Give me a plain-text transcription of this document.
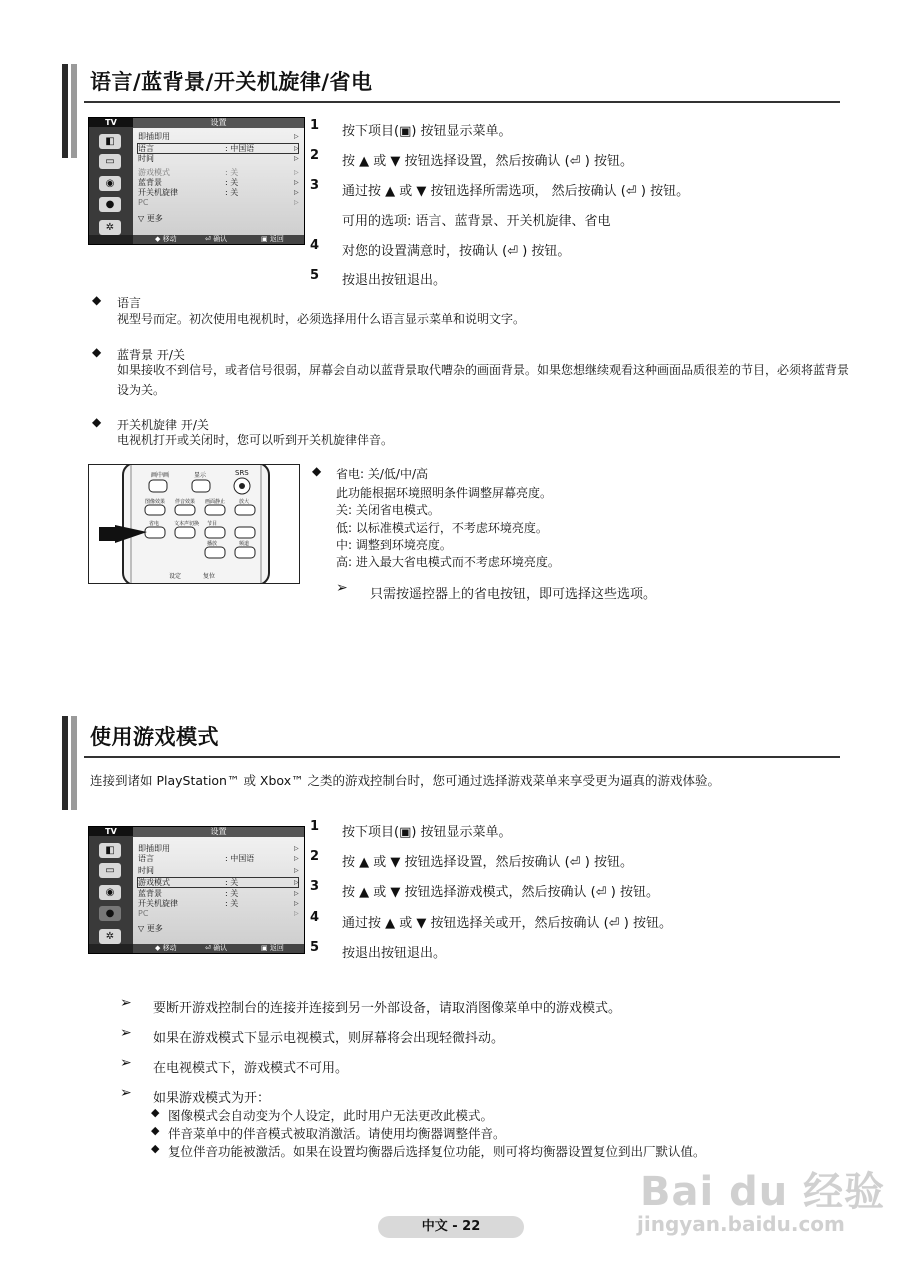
语言/蓝背景/开关机旋律/省电
TV
◧
▭
◉
●
✲
设置
即插即用	▷
语言	: 中国语	▷
时间	▷
游戏模式	: 关	▷
蓝背景	: 关	▷
开关机旋律	: 关	▷
PC	▷
▽ 更多
◆ 移动	⏎ 确认	▣ 返回
1 按下项目(▣) 按钮显示菜单。
2 按 ▲ 或 ▼ 按钮选择设置，然后按确认 (⏎ ) 按钮。
3 通过按 ▲ 或 ▼ 按钮选择所需选项， 然后按确认 (⏎ ) 按钮。
可用的选项: 语言、蓝背景、开关机旋律、省电
4 对您的设置满意时，按确认 (⏎ ) 按钮。
5 按退出按钮退出。
◆ 语言
视型号而定。初次使用电视机时，必须选择用什么语言显示菜单和说明文字。
◆ 蓝背景 开/关
如果接收不到信号，或者信号很弱，屏幕会自动以蓝背景取代嘈杂的画面背景。如果您想继续观看这种画面品质很差的节目，必须将蓝背景设为关。
◆ 开关机旋律 开/关
电视机打开或关闭时，您可以听到开关机旋律伴音。
画中画	显示	SRS
图像效果 伴音效果 画面静止	放大
省电	文本声切换 节目
播放	频道
设定	复位
◆ 省电: 关/低/中/高
此功能根据环境照明条件调整屏幕亮度。
关: 关闭省电模式。
低: 以标准模式运行，不考虑环境亮度。
中: 调整到环境亮度。
高: 进入最大省电模式而不考虑环境亮度。
➢ 只需按遥控器上的省电按钮，即可选择这些选项。
使用游戏模式
连接到诸如 PlayStation™ 或 Xbox™ 之类的游戏控制台时，您可通过选择游戏菜单来享受更为逼真的游戏体验。
TV
◧
▭
◉
●
✲
设置
即插即用	▷
语言	: 中国语	▷
时间	▷
游戏模式	: 关	▷
蓝背景	: 关	▷
开关机旋律	: 关	▷
PC	▷
▽ 更多
◆ 移动	⏎ 确认	▣ 返回
1 按下项目(▣) 按钮显示菜单。
2 按 ▲ 或 ▼ 按钮选择设置，然后按确认 (⏎ ) 按钮。
3 按 ▲ 或 ▼ 按钮选择游戏模式，然后按确认 (⏎ ) 按钮。
4 通过按 ▲ 或 ▼ 按钮选择关或开，然后按确认 (⏎ ) 按钮。
5 按退出按钮退出。
➢ 要断开游戏控制台的连接并连接到另一外部设备，请取消图像菜单中的游戏模式。
➢ 如果在游戏模式下显示电视模式，则屏幕将会出现轻微抖动。
➢ 在电视模式下，游戏模式不可用。
➢ 如果游戏模式为开：
◆ 图像模式会自动变为个人设定，此时用户无法更改此模式。
◆ 伴音菜单中的伴音模式被取消激活。请使用均衡器调整伴音。
◆ 复位伴音功能被激活。如果在设置均衡器后选择复位功能，则可将均衡器设置复位到出厂默认值。
Bai du 经验
jingyan.baidu.com
中文 - 22
